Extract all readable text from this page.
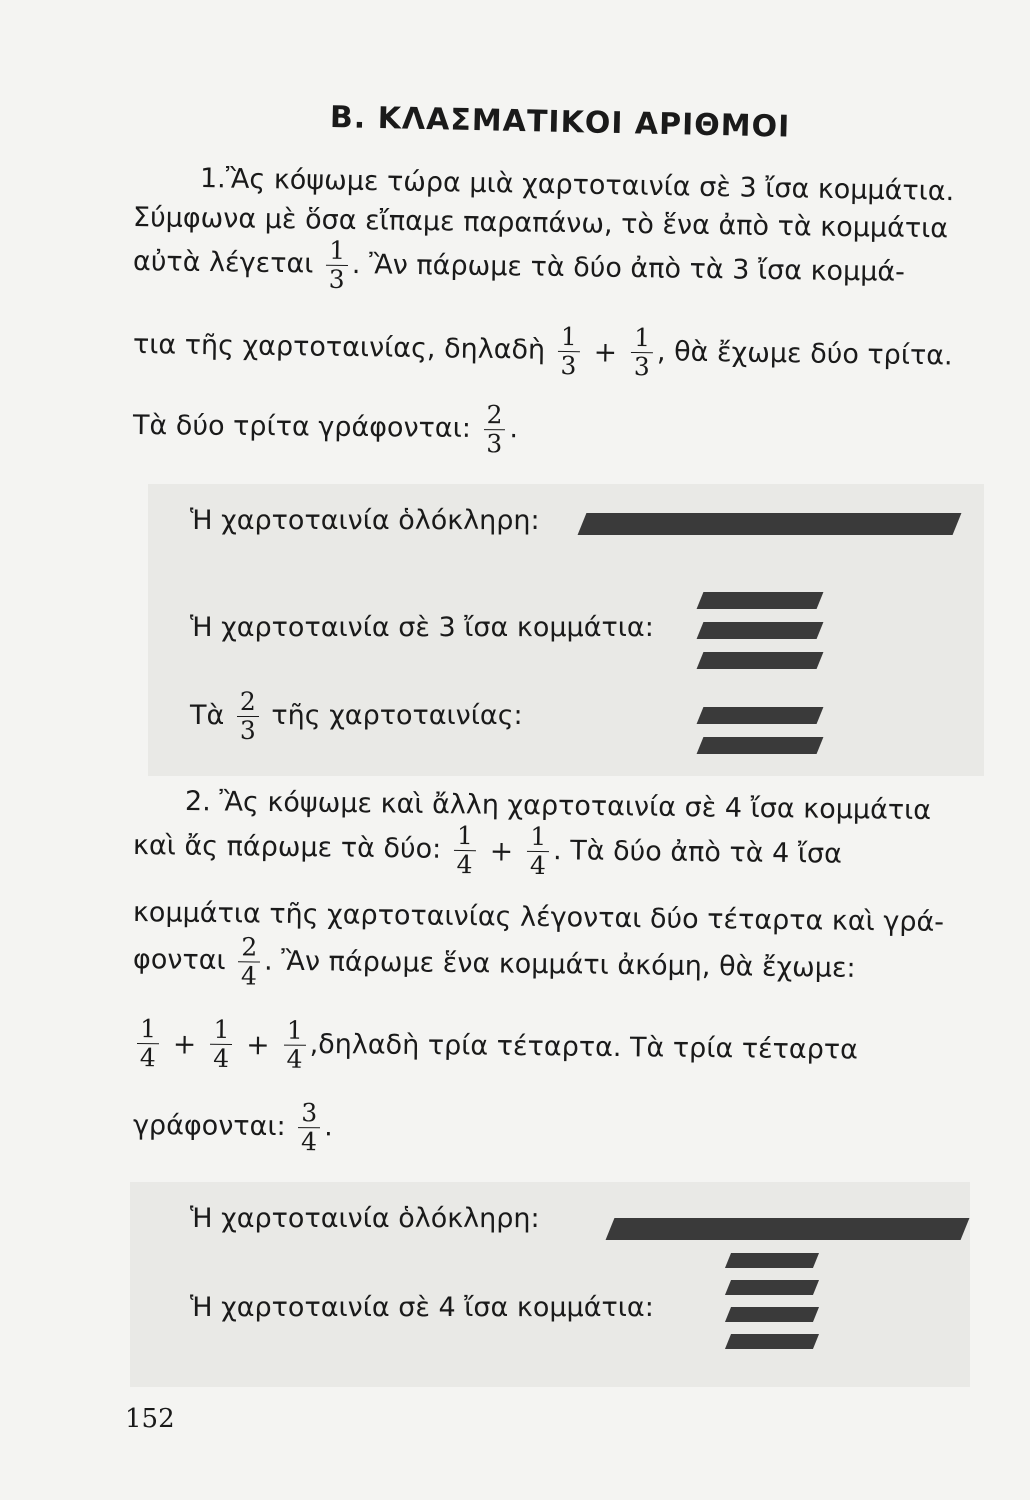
Β. ΚΛΑΣΜΑΤΙΚΟΙ ΑΡΙΘΜΟΙ
1.Ἂς κόψωμε τώρα μιὰ χαρτοταινία σὲ 3 ἴσα κομμάτια.
Σύμφωνα μὲ ὅσα εἴπαμε παραπάνω, τὸ ἕνα ἀπὸ τὰ κομμάτια
αὐτὰ λέγεται $\frac{1}{3}$ . Ἂν πάρωμε τὰ δύο ἀπὸ τὰ 3 ἴσα κομμά-
τια τῆς χαρτοταινίας, δηλαδὴ $\frac{1}{3} + \frac{1}{3}$ , θὰ ἔχωμε δύο τρίτα.
Τὰ δύο τρίτα γράφονται: $\frac{2}{3}$ .
Ἡ χαρτοταινία ὁλόκληρη:
Ἡ χαρτοταινία σὲ 3 ἴσα κομμάτια:
Τὰ $\frac{2}{3}$ τῆς χαρτοταινίας:
2. Ἂς κόψωμε καὶ ἄλλη χαρτοταινία σὲ 4 ἴσα κομμάτια
καὶ ἄς πάρωμε τὰ δύο: $\frac{1}{4} + \frac{1}{4}$ . Τὰ δύο ἀπὸ τὰ 4 ἴσα
κομμάτια τῆς χαρτοταινίας λέγονται δύο τέταρτα καὶ γρά-
φονται $\frac{2}{4}$ . Ἂν πάρωμε ἕνα κομμάτι ἀκόμη, θὰ ἔχωμε:
$\frac{1}{4} + \frac{1}{4} + \frac{1}{4}$ ,δηλαδὴ τρία τέταρτα. Τὰ τρία τέταρτα
γράφονται: $\frac{3}{4}$ .
Ἡ χαρτοταινία ὁλόκληρη:
Ἡ χαρτοταινία σὲ 4 ἴσα κομμάτια:
152
